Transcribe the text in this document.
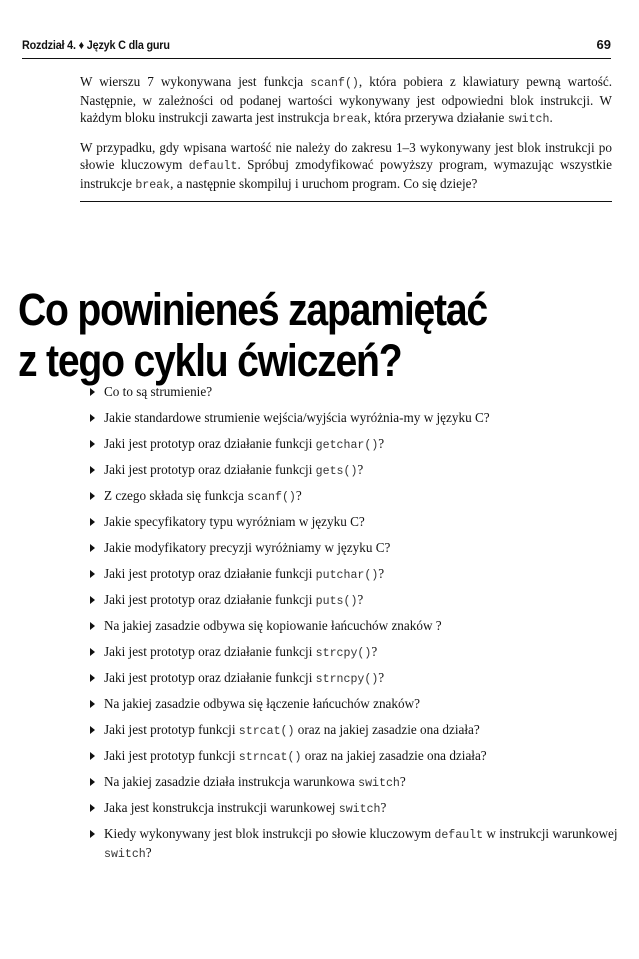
Rozdział 4. ♦ Język C dla guru	69

W wierszu 7 wykonywana jest funkcja scanf(), która pobiera z klawiatury pewną wartość. Następnie, w zależności od podanej wartości wykonywany jest odpowiedni blok instrukcji. W każdym bloku instrukcji zawarta jest instrukcja break, która przerywa działanie switch.

W przypadku, gdy wpisana wartość nie należy do zakresu 1–3 wykonywany jest blok instrukcji po słowie kluczowym default. Spróbuj zmodyfikować powyższy program, wymazując wszystkie instrukcje break, a następnie skompiluj i uruchom program. Co się dzieje?

Co powinieneś zapamiętać
z tego cyklu ćwiczeń?
Co to są strumienie?
Jakie standardowe strumienie wejścia/wyjścia wyróżnia-my w języku C?
Jaki jest prototyp oraz działanie funkcji getchar()?
Jaki jest prototyp oraz działanie funkcji gets()?
Z czego składa się funkcja scanf()?
Jakie specyfikatory typu wyróżniam w języku C?
Jakie modyfikatory precyzji wyróżniamy w języku C?
Jaki jest prototyp oraz działanie funkcji putchar()?
Jaki jest prototyp oraz działanie funkcji puts()?
Na jakiej zasadzie odbywa się kopiowanie łańcuchów znaków ?
Jaki jest prototyp oraz działanie funkcji strcpy()?
Jaki jest prototyp oraz działanie funkcji strncpy()?
Na jakiej zasadzie odbywa się łączenie łańcuchów znaków?
Jaki jest prototyp funkcji strcat() oraz na jakiej zasadzie ona działa?
Jaki jest prototyp funkcji strncat() oraz na jakiej zasadzie ona działa?
Na jakiej zasadzie działa instrukcja warunkowa switch?
Jaka jest konstrukcja instrukcji warunkowej switch?
Kiedy wykonywany jest blok instrukcji po słowie kluczowym default w instrukcji warunkowej switch?
